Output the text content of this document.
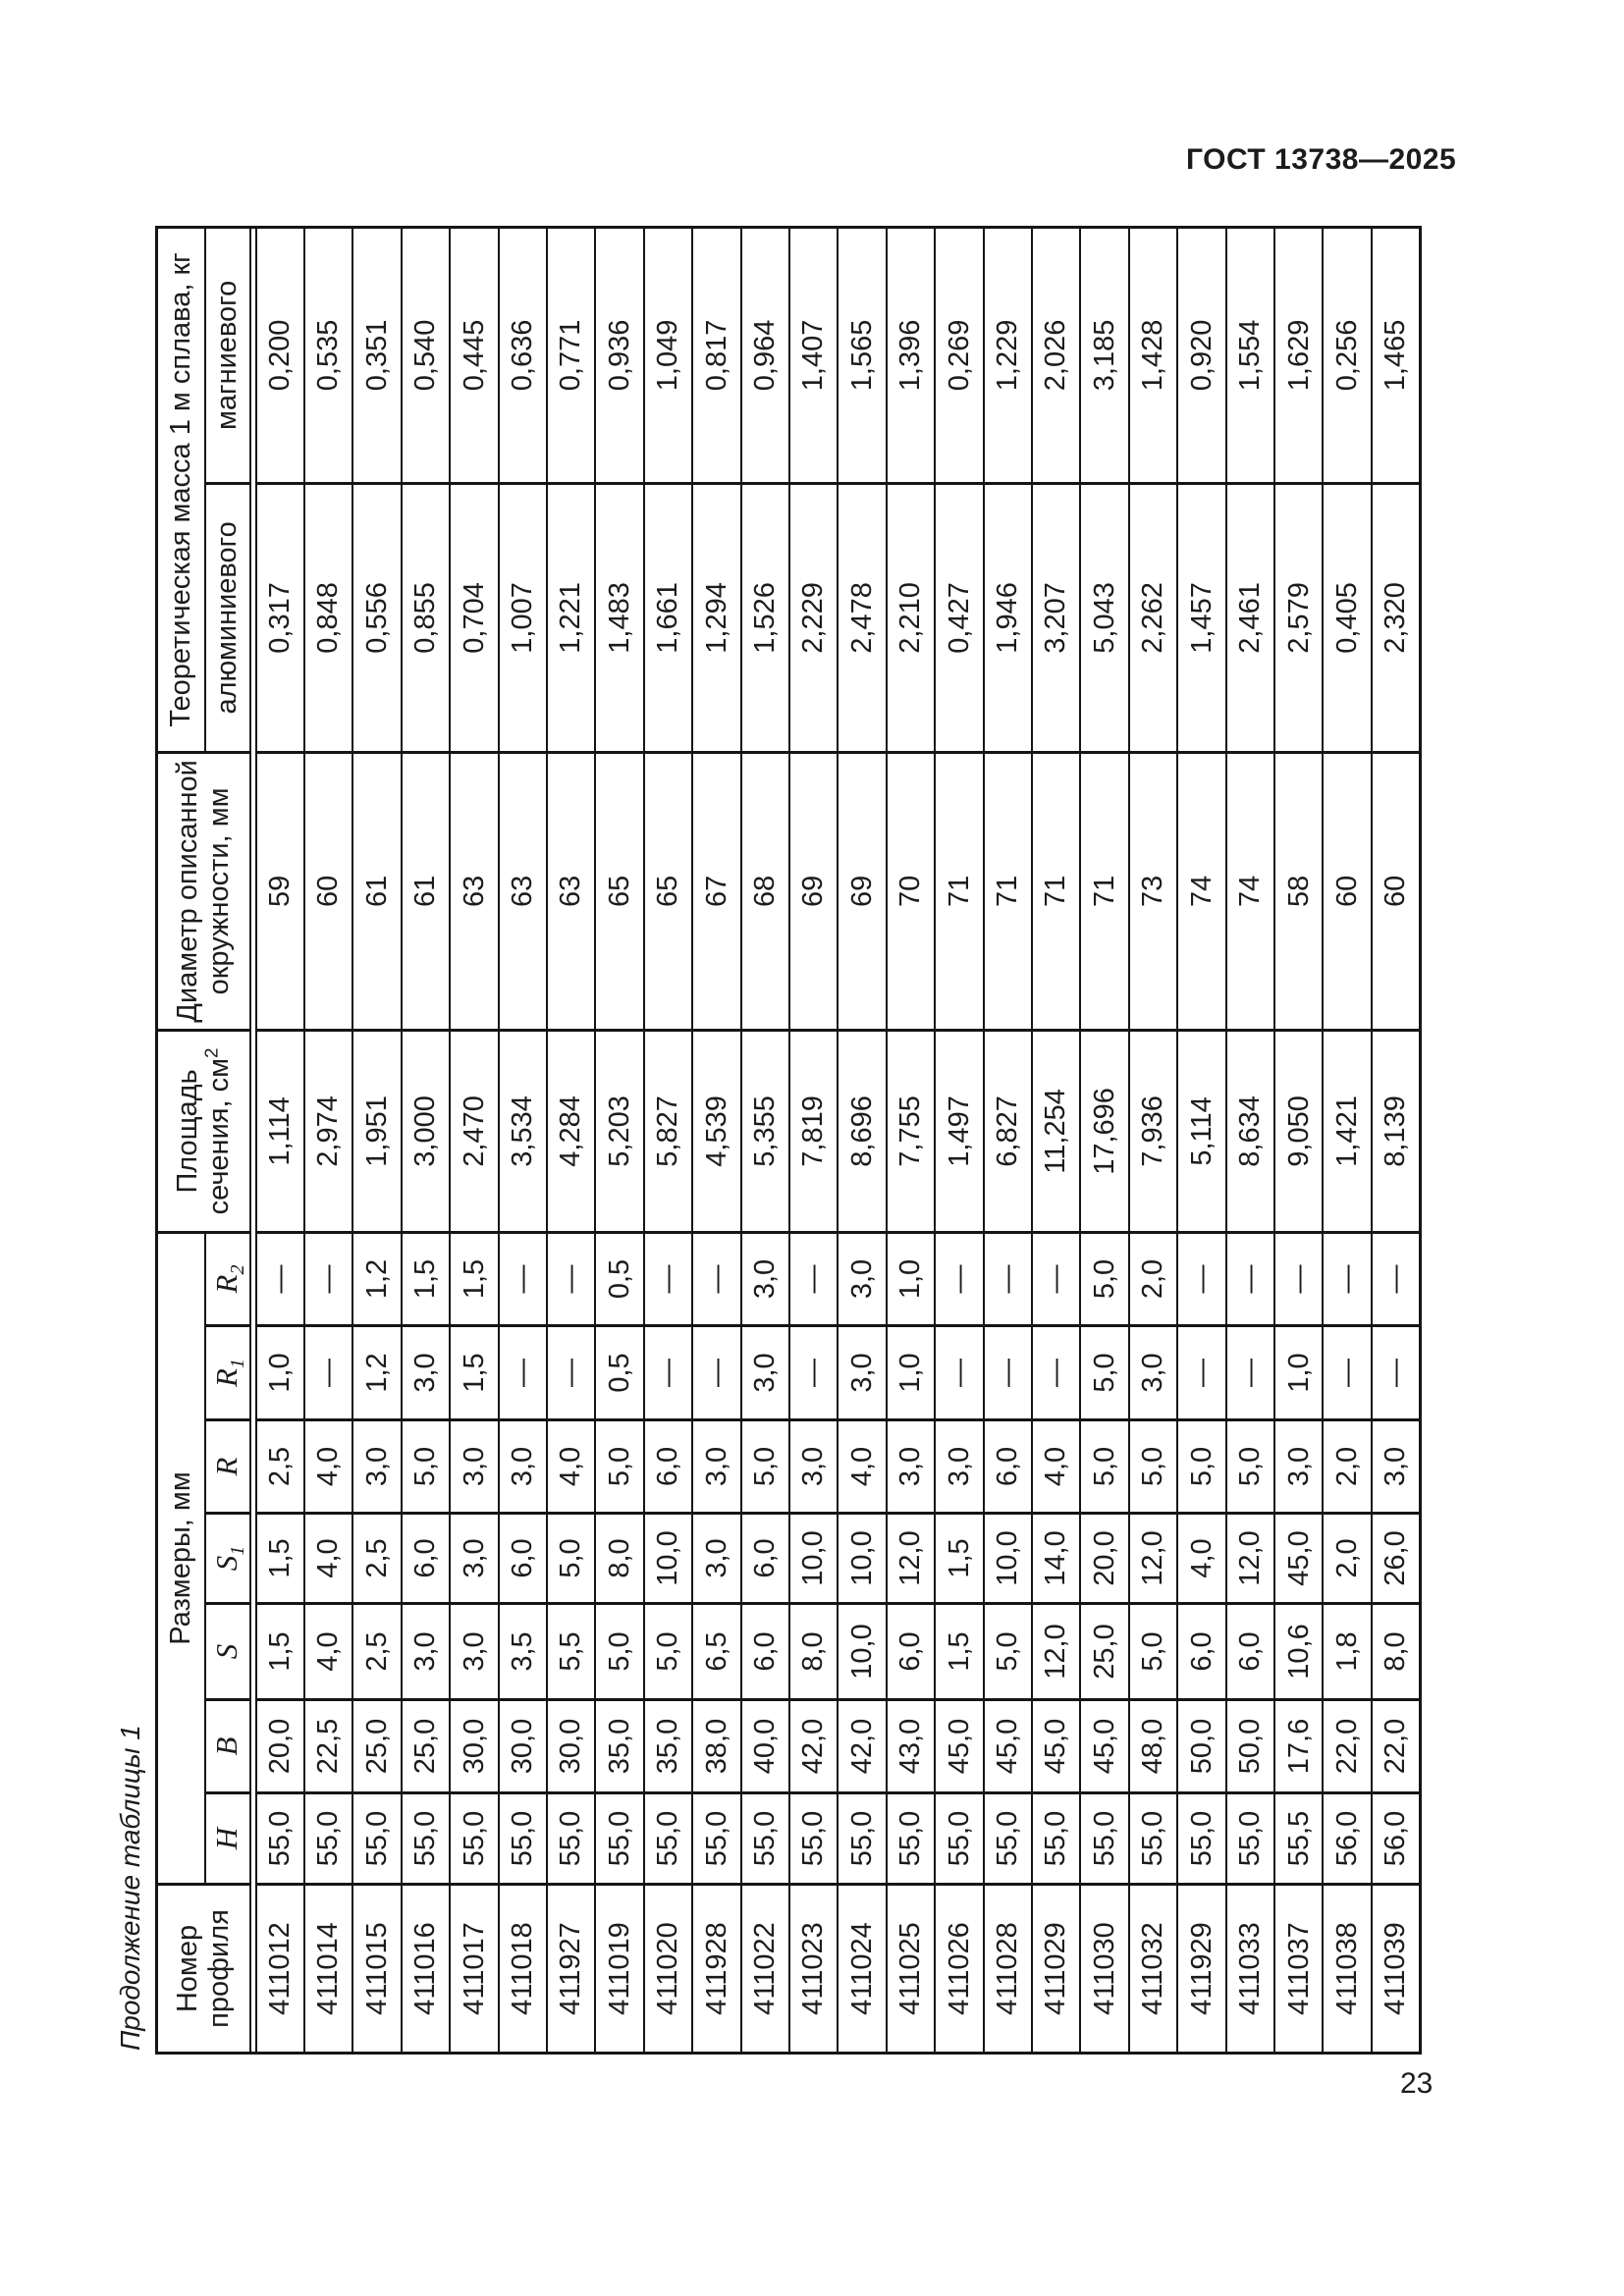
ГОСТ 13738—2025
Продолжение таблицы 1 Номер
профиля	Размеры, мм							Площадь
сечения, $см^2$	Диаметр описанной
окружности, мм	Теоретическая масса 1 м сплава, кг	
	H	B	S	$S_1$	R	$R_1$	$R_2$			алюминиевого	магниевого

411012	55,0	20,0	1,5	1,5	2,5	1,0	—	1,114	59	0,317	0,200
411014	55,0	22,5	4,0	4,0	4,0	—	—	2,974	60	0,848	0,535
411015	55,0	25,0	2,5	2,5	3,0	1,2	1,2	1,951	61	0,556	0,351
411016	55,0	25,0	3,0	6,0	5,0	3,0	1,5	3,000	61	0,855	0,540
411017	55,0	30,0	3,0	3,0	3,0	1,5	1,5	2,470	63	0,704	0,445
411018	55,0	30,0	3,5	6,0	3,0	—	—	3,534	63	1,007	0,636
411927	55,0	30,0	5,5	5,0	4,0	—	—	4,284	63	1,221	0,771
411019	55,0	35,0	5,0	8,0	5,0	0,5	0,5	5,203	65	1,483	0,936
411020	55,0	35,0	5,0	10,0	6,0	—	—	5,827	65	1,661	1,049
411928	55,0	38,0	6,5	3,0	3,0	—	—	4,539	67	1,294	0,817
411022	55,0	40,0	6,0	6,0	5,0	3,0	3,0	5,355	68	1,526	0,964
411023	55,0	42,0	8,0	10,0	3,0	—	—	7,819	69	2,229	1,407
411024	55,0	42,0	10,0	10,0	4,0	3,0	3,0	8,696	69	2,478	1,565
411025	55,0	43,0	6,0	12,0	3,0	1,0	1,0	7,755	70	2,210	1,396
411026	55,0	45,0	1,5	1,5	3,0	—	—	1,497	71	0,427	0,269
411028	55,0	45,0	5,0	10,0	6,0	—	—	6,827	71	1,946	1,229
411029	55,0	45,0	12,0	14,0	4,0	—	—	11,254	71	3,207	2,026
411030	55,0	45,0	25,0	20,0	5,0	5,0	5,0	17,696	71	5,043	3,185
411032	55,0	48,0	5,0	12,0	5,0	3,0	2,0	7,936	73	2,262	1,428
411929	55,0	50,0	6,0	4,0	5,0	—	—	5,114	74	1,457	0,920
411033	55,0	50,0	6,0	12,0	5,0	—	—	8,634	74	2,461	1,554
411037	55,5	17,6	10,6	45,0	3,0	1,0	—	9,050	58	2,579	1,629
411038	56,0	22,0	1,8	2,0	2,0	—	—	1,421	60	0,405	0,256
411039	56,0	22,0	8,0	26,0	3,0	—	—	8,139	60	2,320	1,465
23
